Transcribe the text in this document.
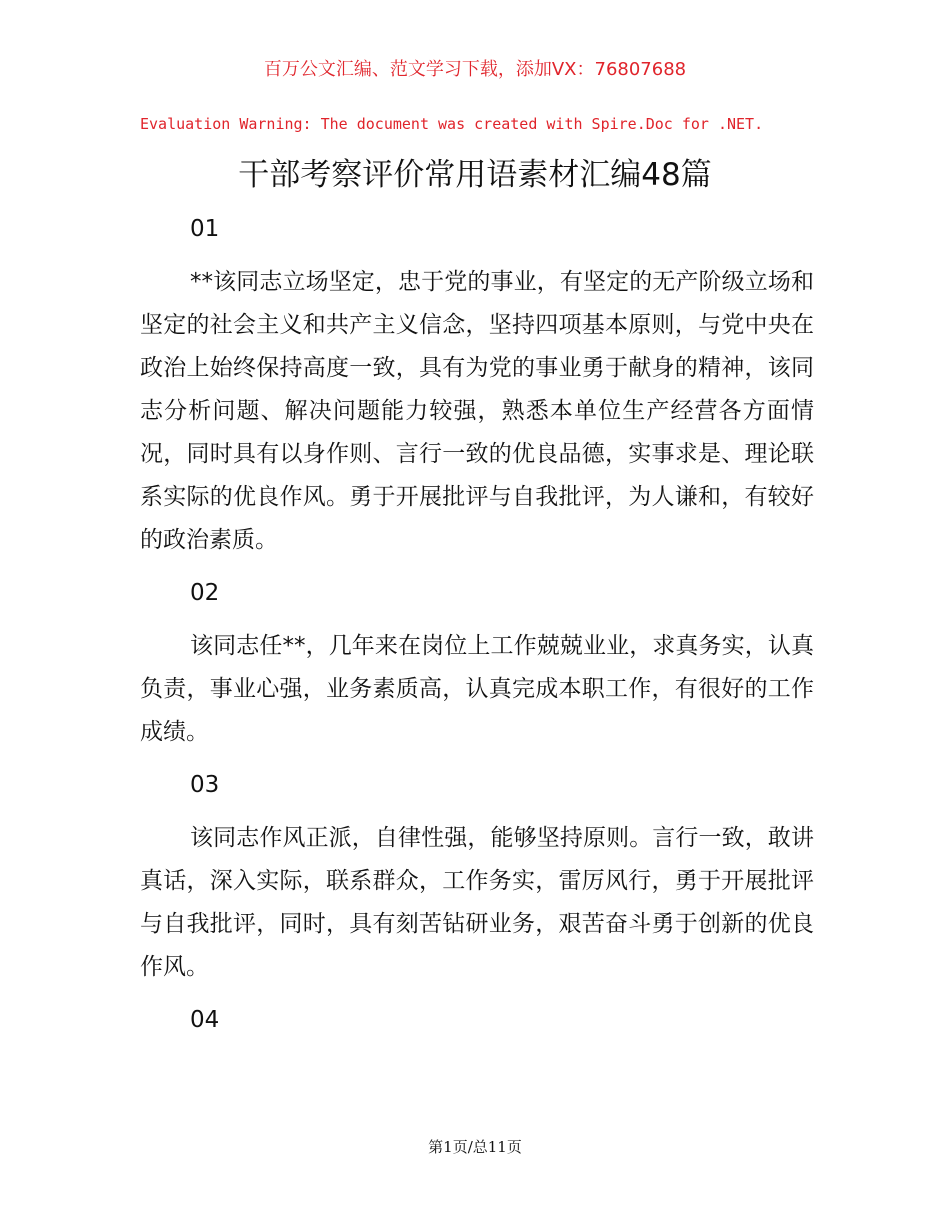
百万公文汇编、范文学习下载，添加VX：76807688

Evaluation Warning: The document was created with Spire.Doc for .NET.

干部考察评价常用语素材汇编48篇

01

**该同志立场坚定，忠于党的事业，有坚定的无产阶级立场和坚定的社会主义和共产主义信念，坚持四项基本原则，与党中央在政治上始终保持高度一致，具有为党的事业勇于献身的精神，该同志分析问题、解决问题能力较强，熟悉本单位生产经营各方面情况，同时具有以身作则、言行一致的优良品德，实事求是、理论联系实际的优良作风。勇于开展批评与自我批评，为人谦和，有较好的政治素质。

02

该同志任**，几年来在岗位上工作兢兢业业，求真务实，认真负责，事业心强，业务素质高，认真完成本职工作，有很好的工作成绩。

03

该同志作风正派，自律性强，能够坚持原则。言行一致，敢讲真话，深入实际，联系群众，工作务实，雷厉风行，勇于开展批评与自我批评，同时，具有刻苦钻研业务，艰苦奋斗勇于创新的优良作风。

04

第1页/总11页
